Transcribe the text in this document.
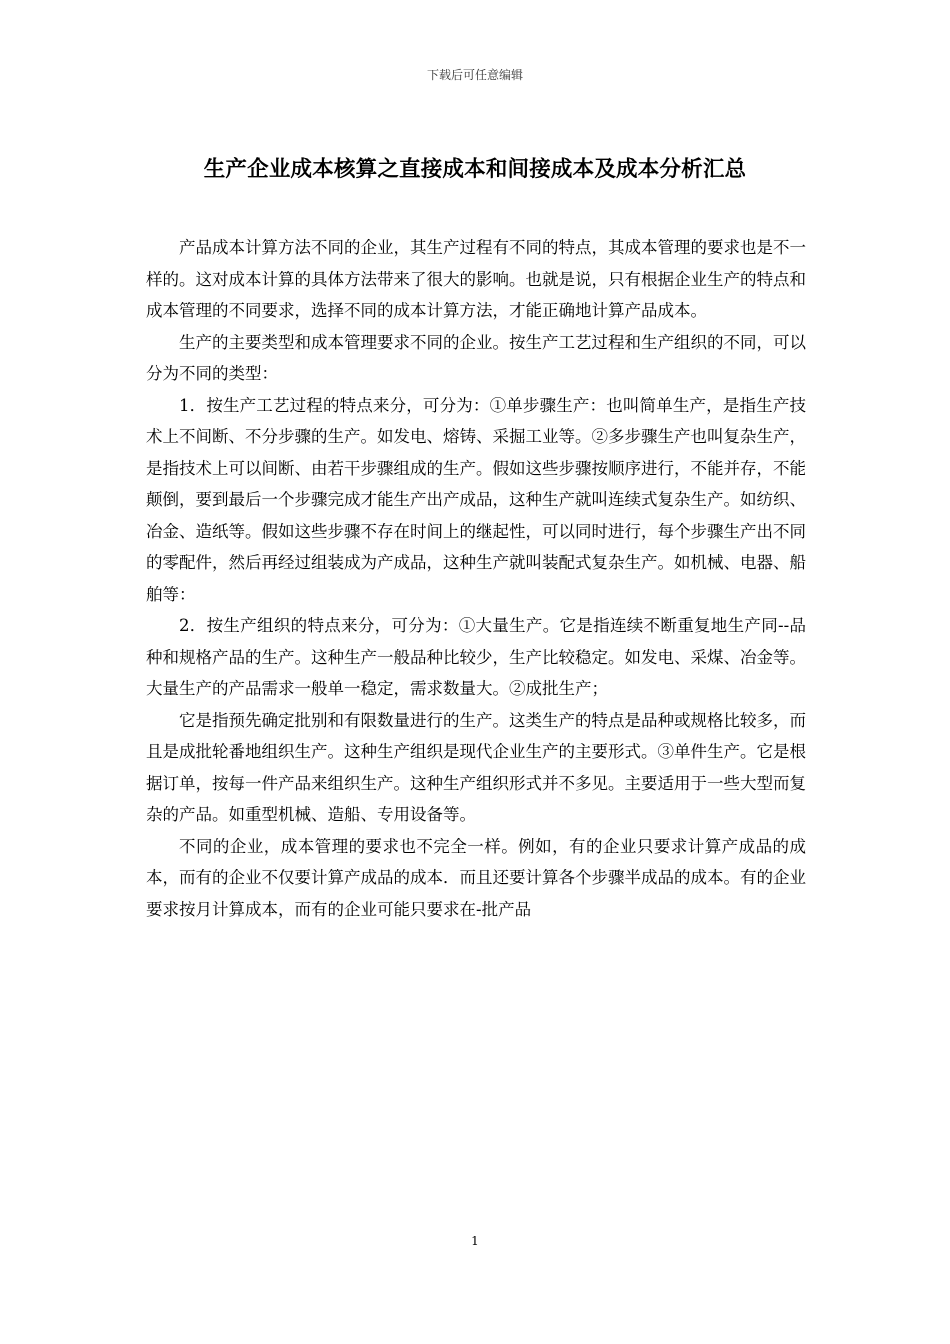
下载后可任意编辑
生产企业成本核算之直接成本和间接成本及成本分析汇总

产品成本计算方法不同的企业，其生产过程有不同的特点，其成本管理的要求也是不一样的。这对成本计算的具体方法带来了很大的影响。也就是说，只有根据企业生产的特点和成本管理的不同要求，选择不同的成本计算方法，才能正确地计算产品成本。

生产的主要类型和成本管理要求不同的企业。按生产工艺过程和生产组织的不同，可以分为不同的类型：

1．按生产工艺过程的特点来分，可分为：①单步骤生产：也叫简单生产，是指生产技术上不间断、不分步骤的生产。如发电、熔铸、采掘工业等。②多步骤生产也叫复杂生产，是指技术上可以间断、由若干步骤组成的生产。假如这些步骤按顺序进行，不能并存，不能颠倒，要到最后一个步骤完成才能生产出产成品，这种生产就叫连续式复杂生产。如纺织、冶金、造纸等。假如这些步骤不存在时间上的继起性，可以同时进行，每个步骤生产出不同的零配件，然后再经过组装成为产成品，这种生产就叫装配式复杂生产。如机械、电器、船舶等：

2．按生产组织的特点来分，可分为：①大量生产。它是指连续不断重复地生产同--品种和规格产品的生产。这种生产一般品种比较少，生产比较稳定。如发电、采煤、冶金等。大量生产的产品需求一般单一稳定，需求数量大。②成批生产；

它是指预先确定批别和有限数量进行的生产。这类生产的特点是品种或规格比较多，而且是成批轮番地组织生产。这种生产组织是现代企业生产的主要形式。③单件生产。它是根据订单，按每一件产品来组织生产。这种生产组织形式并不多见。主要适用于一些大型而复杂的产品。如重型机械、造船、专用设备等。

不同的企业，成本管理的要求也不完全一样。例如，有的企业只要求计算产成品的成本，而有的企业不仅要计算产成品的成本．而且还要计算各个步骤半成品的成本。有的企业要求按月计算成本，而有的企业可能只要求在-批产品

1
